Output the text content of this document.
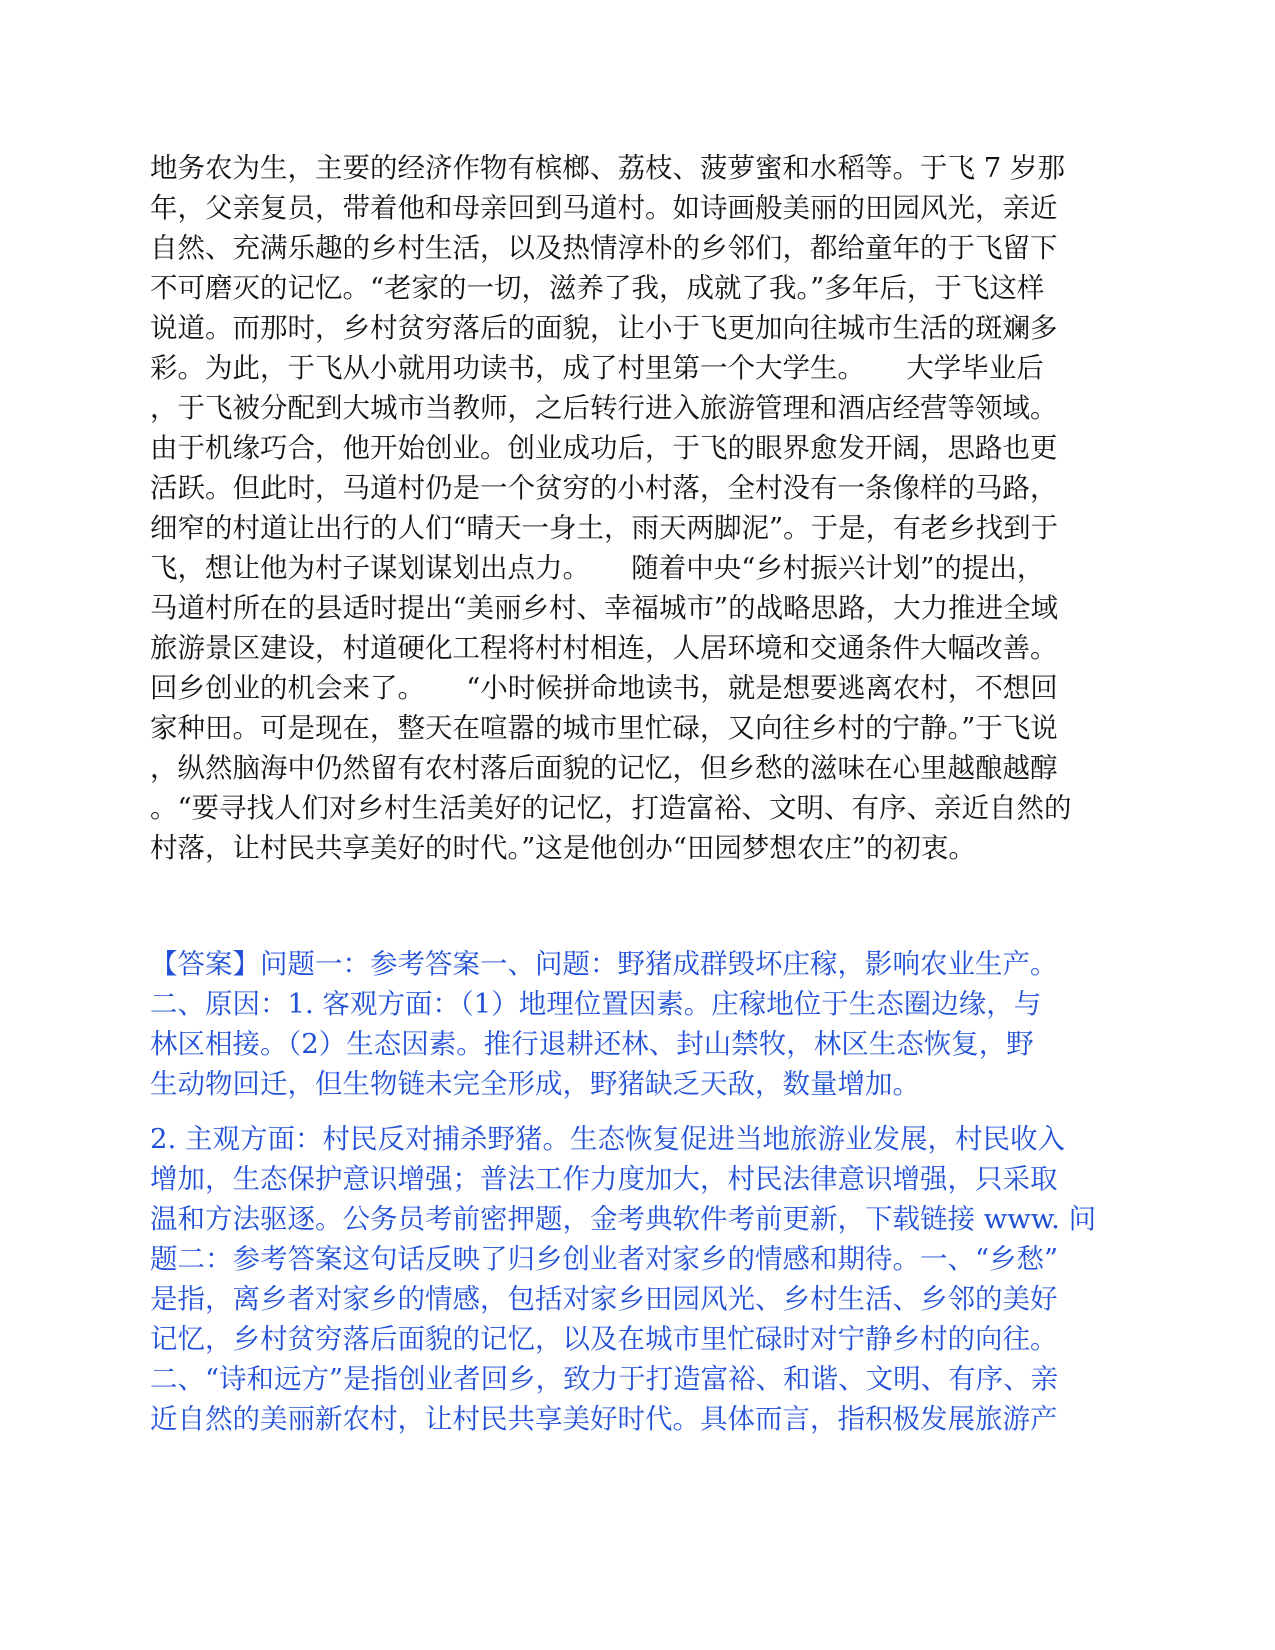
地务农为生，主要的经济作物有槟榔、荔枝、菠萝蜜和水稻等。于飞 7 岁那
年，父亲复员，带着他和母亲回到马道村。如诗画般美丽的田园风光，亲近
自然、充满乐趣的乡村生活，以及热情淳朴的乡邻们，都给童年的于飞留下
不可磨灭的记忆。“老家的一切，滋养了我，成就了我。”多年后，于飞这样
说道。而那时，乡村贫穷落后的面貌，让小于飞更加向往城市生活的斑斓多
彩。为此，于飞从小就用功读书，成了村里第一个大学生。　　大学毕业后
，于飞被分配到大城市当教师，之后转行进入旅游管理和酒店经营等领域。
由于机缘巧合，他开始创业。创业成功后，于飞的眼界愈发开阔，思路也更
活跃。但此时，马道村仍是一个贫穷的小村落，全村没有一条像样的马路，
细窄的村道让出行的人们“晴天一身土，雨天两脚泥”。于是，有老乡找到于
飞，想让他为村子谋划谋划出点力。　　随着中央“乡村振兴计划”的提出，
马道村所在的县适时提出“美丽乡村、幸福城市”的战略思路，大力推进全域
旅游景区建设，村道硬化工程将村村相连，人居环境和交通条件大幅改善。
回乡创业的机会来了。　　“小时候拼命地读书，就是想要逃离农村，不想回
家种田。可是现在，整天在喧嚣的城市里忙碌，又向往乡村的宁静。”于飞说
，纵然脑海中仍然留有农村落后面貌的记忆，但乡愁的滋味在心里越酿越醇
。“要寻找人们对乡村生活美好的记忆，打造富裕、文明、有序、亲近自然的
村落，让村民共享美好的时代。”这是他创办“田园梦想农庄”的初衷。
【答案】问题一：参考答案一、问题：野猪成群毁坏庄稼，影响农业生产。
二、原因：1. 客观方面：（1）地理位置因素。庄稼地位于生态圈边缘，与
林区相接。（2）生态因素。推行退耕还林、封山禁牧，林区生态恢复，野
生动物回迁，但生物链未完全形成，野猪缺乏天敌，数量增加。
2. 主观方面：村民反对捕杀野猪。生态恢复促进当地旅游业发展，村民收入
增加，生态保护意识增强；普法工作力度加大，村民法律意识增强，只采取
温和方法驱逐。公务员考前密押题，金考典软件考前更新，下载链接 www. 问
题二：参考答案这句话反映了归乡创业者对家乡的情感和期待。一、“乡愁”
是指，离乡者对家乡的情感，包括对家乡田园风光、乡村生活、乡邻的美好
记忆，乡村贫穷落后面貌的记忆，以及在城市里忙碌时对宁静乡村的向往。
二、“诗和远方”是指创业者回乡，致力于打造富裕、和谐、文明、有序、亲
近自然的美丽新农村，让村民共享美好时代。具体而言，指积极发展旅游产
